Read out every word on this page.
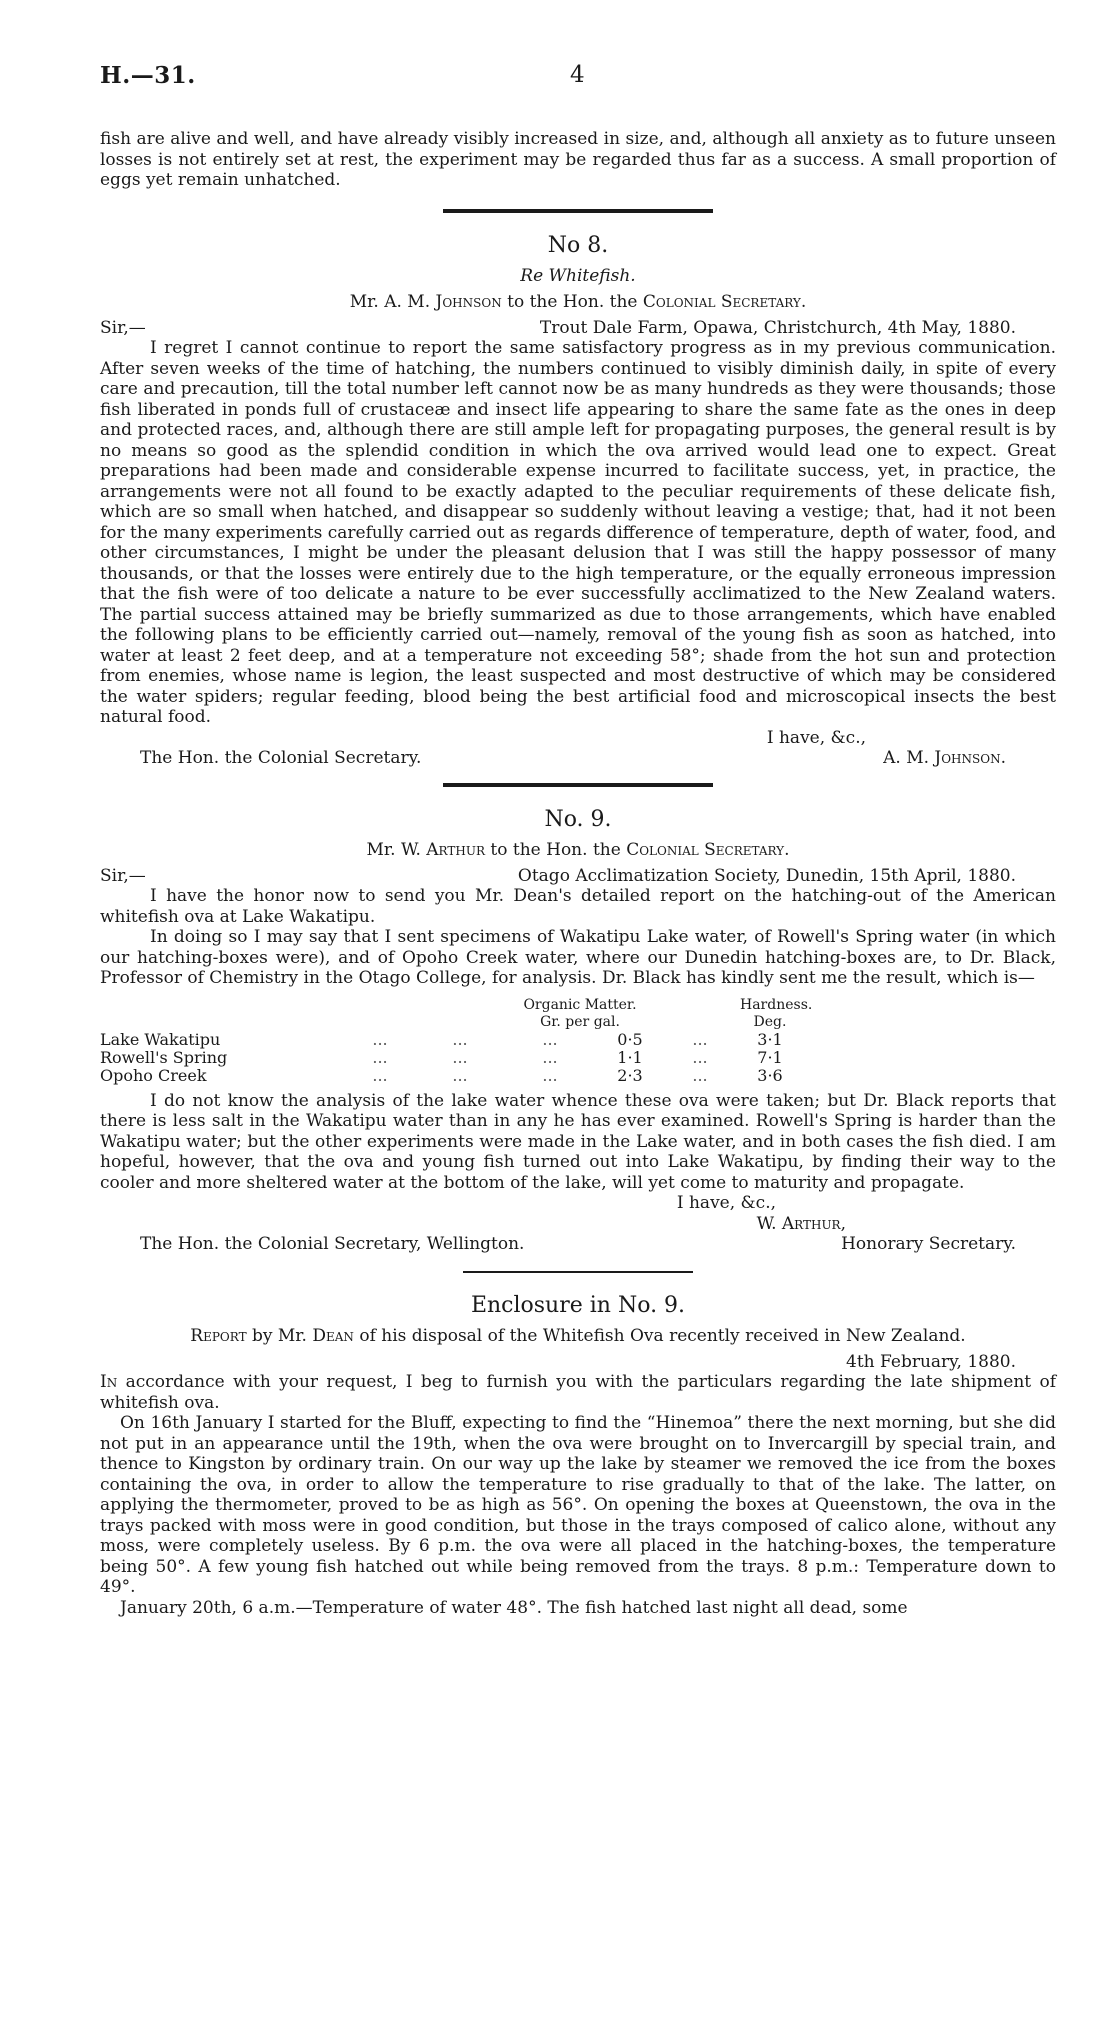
H.—31.	4

fish are alive and well, and have already visibly increased in size, and, although all anxiety as to future unseen losses is not entirely set at rest, the experiment may be regarded thus far as a success. A small proportion of eggs yet remain unhatched.

No 8.
Re Whitefish.
Mr. A. M. Johnson to the Hon. the Colonial Secretary.
Sir,—	Trout Dale Farm, Opawa, Christchurch, 4th May, 1880.

I regret I cannot continue to report the same satisfactory progress as in my previous communication. After seven weeks of the time of hatching, the numbers continued to visibly diminish daily, in spite of every care and precaution, till the total number left cannot now be as many hundreds as they were thousands; those fish liberated in ponds full of crustaceæ and insect life appearing to share the same fate as the ones in deep and protected races, and, although there are still ample left for propagating purposes, the general result is by no means so good as the splendid condition in which the ova arrived would lead one to expect. Great preparations had been made and considerable expense incurred to facilitate success, yet, in practice, the arrangements were not all found to be exactly adapted to the peculiar requirements of these delicate fish, which are so small when hatched, and disappear so suddenly without leaving a vestige; that, had it not been for the many experiments carefully carried out as regards difference of temperature, depth of water, food, and other circumstances, I might be under the pleasant delusion that I was still the happy possessor of many thousands, or that the losses were entirely due to the high temperature, or the equally erroneous impression that the fish were of too delicate a nature to be ever successfully acclimatized to the New Zealand waters. The partial success attained may be briefly summarized as due to those arrangements, which have enabled the following plans to be efficiently carried out—namely, removal of the young fish as soon as hatched, into water at least 2 feet deep, and at a temperature not exceeding 58°; shade from the hot sun and protection from enemies, whose name is legion, the least suspected and most destructive of which may be considered the water spiders; regular feeding, blood being the best artificial food and microscopical insects the best natural food.

I have, &c.,
The Hon. the Colonial Secretary.	A. M. Johnson.
No. 9.
Mr. W. Arthur to the Hon. the Colonial Secretary.
Sir,—	Otago Acclimatization Society, Dunedin, 15th April, 1880.

I have the honor now to send you Mr. Dean's detailed report on the hatching-out of the American whitefish ova at Lake Wakatipu.

In doing so I may say that I sent specimens of Wakatipu Lake water, of Rowell's Spring water (in which our hatching-boxes were), and of Opoho Creek water, where our Dunedin hatching-boxes are, to Dr. Black, Professor of Chemistry in the Otago College, for analysis. Dr. Black has kindly sent me the result, which is—

Organic Matter.	Hardness.
Gr. per gal.	Deg.
Lake Wakatipu	...	...	...	0·5	...	3·1
Rowell's Spring	...	...	...	1·1	...	7·1
Opoho Creek	...	...	...	2·3	...	3·6

I do not know the analysis of the lake water whence these ova were taken; but Dr. Black reports that there is less salt in the Wakatipu water than in any he has ever examined. Rowell's Spring is harder than the Wakatipu water; but the other experiments were made in the Lake water, and in both cases the fish died. I am hopeful, however, that the ova and young fish turned out into Lake Wakatipu, by finding their way to the cooler and more sheltered water at the bottom of the lake, will yet come to maturity and propagate.

I have, &c.,
W. Arthur,
The Hon. the Colonial Secretary, Wellington.	Honorary Secretary.
Enclosure in No. 9.
Report by Mr. Dean of his disposal of the Whitefish Ova recently received in New Zealand.
4th February, 1880.

In accordance with your request, I beg to furnish you with the particulars regarding the late shipment of whitefish ova.

On 16th January I started for the Bluff, expecting to find the “Hinemoa” there the next morning, but she did not put in an appearance until the 19th, when the ova were brought on to Invercargill by special train, and thence to Kingston by ordinary train. On our way up the lake by steamer we removed the ice from the boxes containing the ova, in order to allow the temperature to rise gradually to that of the lake. The latter, on applying the thermometer, proved to be as high as 56°. On opening the boxes at Queenstown, the ova in the trays packed with moss were in good condition, but those in the trays composed of calico alone, without any moss, were completely useless. By 6 p.m. the ova were all placed in the hatching-boxes, the temperature being 50°. A few young fish hatched out while being removed from the trays. 8 p.m.: Temperature down to 49°.

January 20th, 6 a.m.—Temperature of water 48°. The fish hatched last night all dead, some
